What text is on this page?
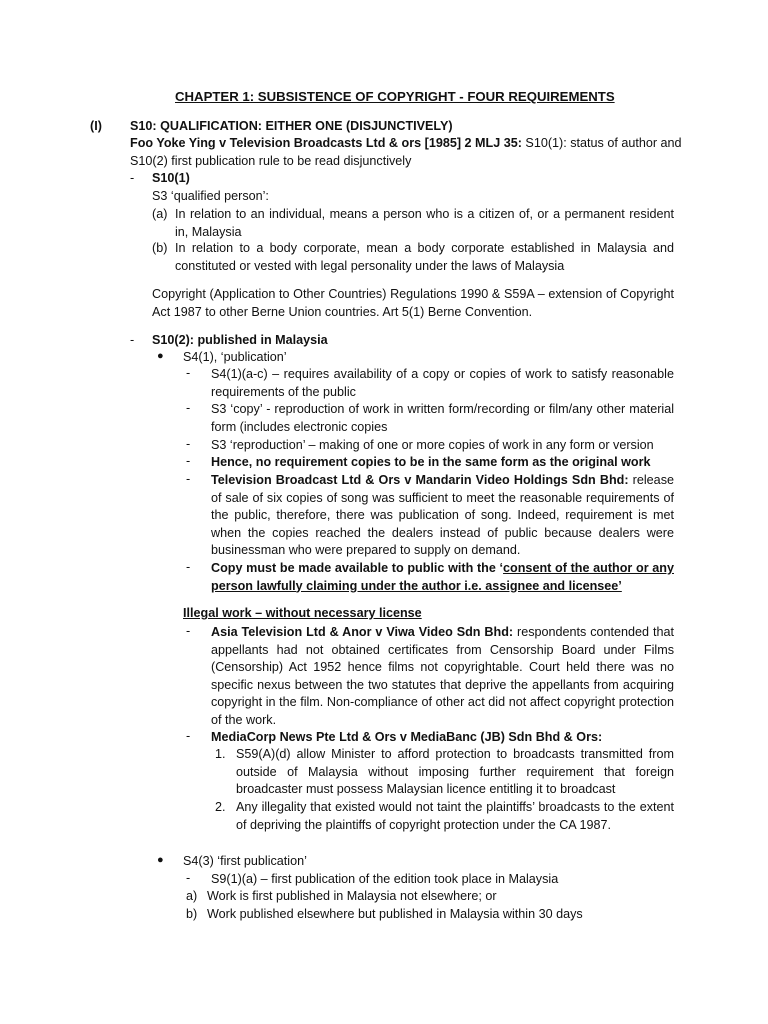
CHAPTER 1: SUBSISTENCE OF COPYRIGHT - FOUR REQUIREMENTS
(I) S10: QUALIFICATION: EITHER ONE (DISJUNCTIVELY)
Foo Yoke Ying v Television Broadcasts Ltd & ors [1985] 2 MLJ 35: S10(1): status of author and
S10(2) first publication rule to be read disjunctively
- S10(1)
S3 ‘qualified person’:
(a) In relation to an individual, means a person who is a citizen of, or a permanent resident in, Malaysia
(b) In relation to a body corporate, mean a body corporate established in Malaysia and constituted or vested with legal personality under the laws of Malaysia
Copyright (Application to Other Countries) Regulations 1990 & S59A – extension of Copyright Act 1987 to other Berne Union countries. Art 5(1) Berne Convention.
- S10(2): published in Malaysia
● S4(1), ‘publication’
- S4(1)(a-c) – requires availability of a copy or copies of work to satisfy reasonable requirements of the public
- S3 ‘copy’ - reproduction of work in written form/recording or film/any other material form (includes electronic copies
- S3 ‘reproduction’ – making of one or more copies of work in any form or version
- Hence, no requirement copies to be in the same form as the original work
- Television Broadcast Ltd & Ors v Mandarin Video Holdings Sdn Bhd: release of sale of six copies of song was sufficient to meet the reasonable requirements of the public, therefore, there was publication of song. Indeed, requirement is met when the copies reached the dealers instead of public because dealers were businessman who were prepared to supply on demand.
- Copy must be made available to public with the ‘consent of the author or any person lawfully claiming under the author i.e. assignee and licensee’
Illegal work – without necessary license
- Asia Television Ltd & Anor v Viwa Video Sdn Bhd: respondents contended that appellants had not obtained certificates from Censorship Board under Films (Censorship) Act 1952 hence films not copyrightable. Court held there was no specific nexus between the two statutes that deprive the appellants from acquiring copyright in the film. Non-compliance of other act did not affect copyright protection of the work.
- MediaCorp News Pte Ltd & Ors v MediaBanc (JB) Sdn Bhd & Ors:
1. S59(A)(d) allow Minister to afford protection to broadcasts transmitted from outside of Malaysia without imposing further requirement that foreign broadcaster must possess Malaysian licence entitling it to broadcast
2. Any illegality that existed would not taint the plaintiffs’ broadcasts to the extent of depriving the plaintiffs of copyright protection under the CA 1987.
● S4(3) ‘first publication’
- S9(1)(a) – first publication of the edition took place in Malaysia
a) Work is first published in Malaysia not elsewhere; or
b) Work published elsewhere but published in Malaysia within 30 days
